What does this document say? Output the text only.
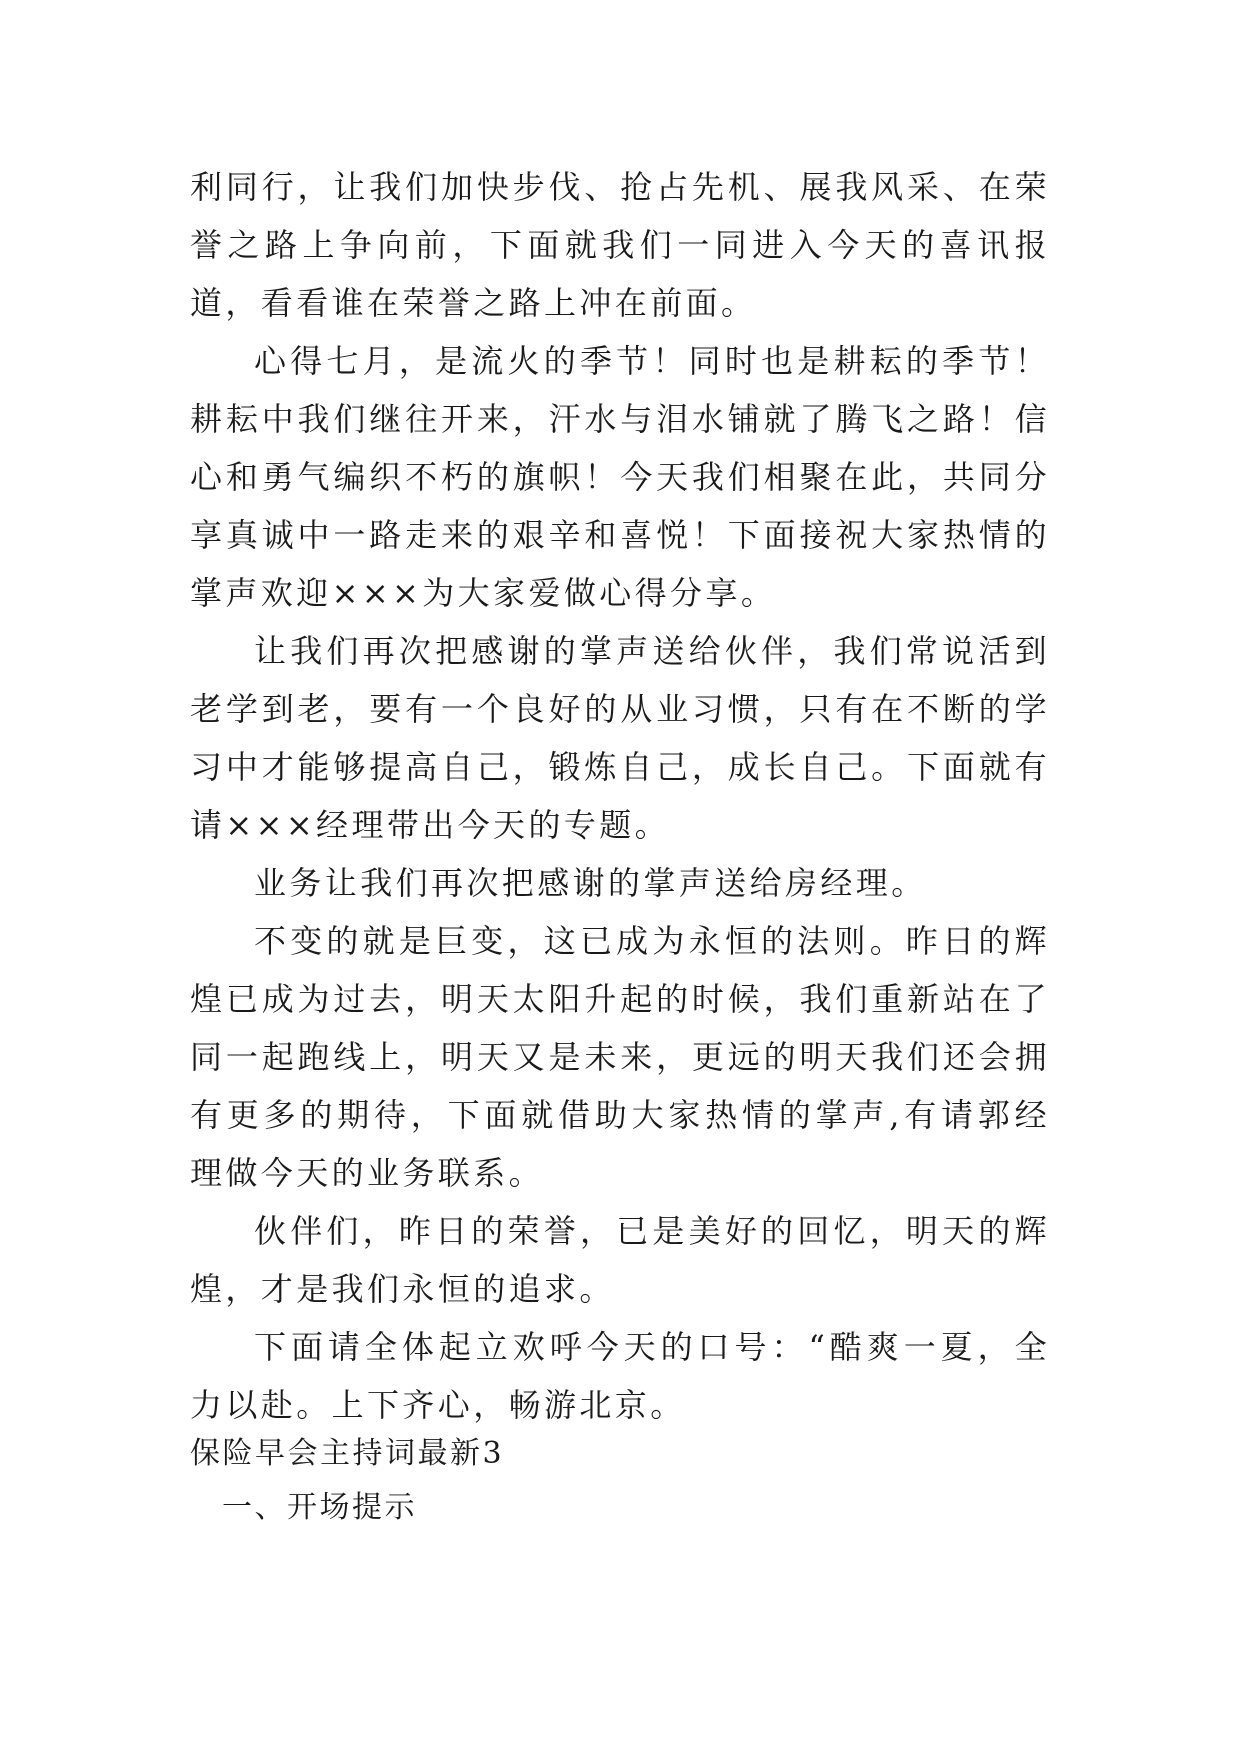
利同行，让我们加快步伐、抢占先机、展我风采、在荣誉之路上争向前，下面就我们一同进入今天的喜讯报道，看看谁在荣誉之路上冲在前面。

心得七月，是流火的季节！同时也是耕耘的季节！耕耘中我们继往开来，汗水与泪水铺就了腾飞之路！信心和勇气编织不朽的旗帜！今天我们相聚在此，共同分享真诚中一路走来的艰辛和喜悦！下面接祝大家热情的掌声欢迎×××为大家爱做心得分享。

让我们再次把感谢的掌声送给伙伴，我们常说活到老学到老，要有一个良好的从业习惯，只有在不断的学习中才能够提高自己，锻炼自己，成长自己。下面就有请×××经理带出今天的专题。

业务让我们再次把感谢的掌声送给房经理。

不变的就是巨变，这已成为永恒的法则。昨日的辉煌已成为过去，明天太阳升起的时候，我们重新站在了同一起跑线上，明天又是未来，更远的明天我们还会拥有更多的期待，下面就借助大家热情的掌声,有请郭经理做今天的业务联系。

伙伴们，昨日的荣誉，已是美好的回忆，明天的辉煌，才是我们永恒的追求。

下面请全体起立欢呼今天的口号：“酷爽一夏，全力以赴。上下齐心，畅游北京。

保险早会主持词最新3
一、开场提示
